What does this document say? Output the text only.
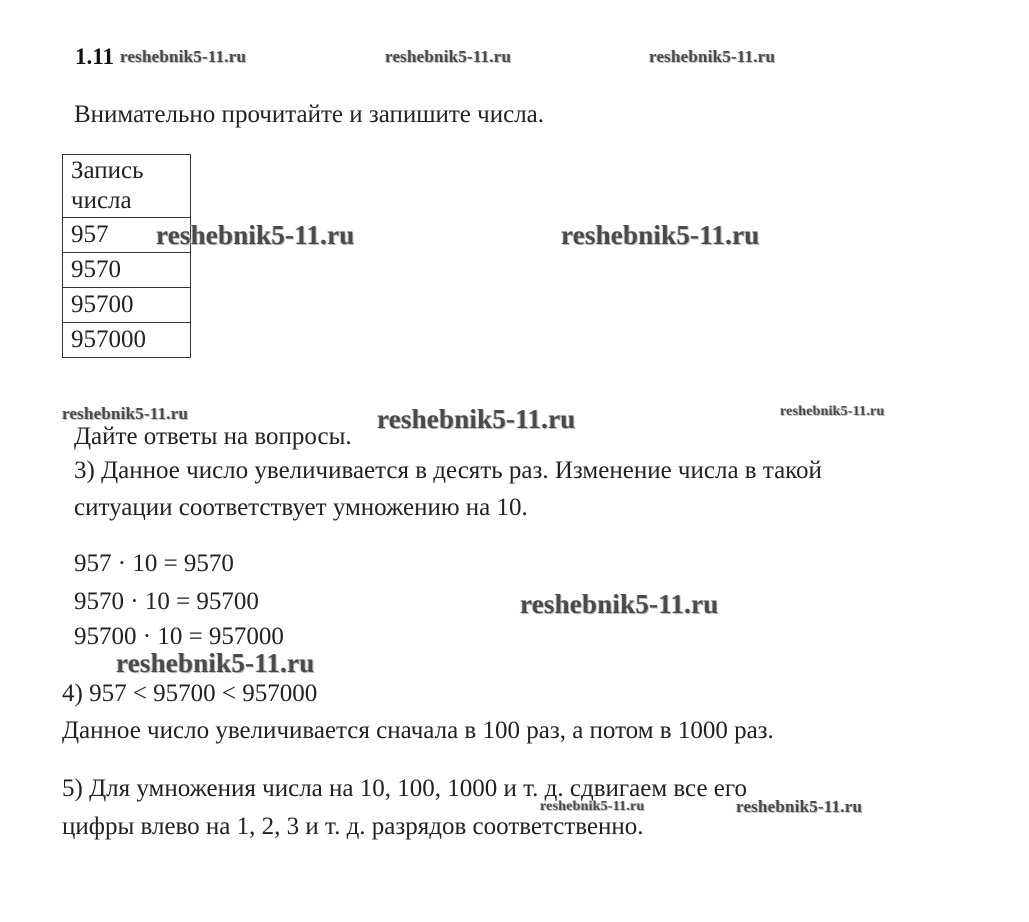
1.11
Внимательно прочитайте и запишите числа.
Запись
числа
957
9570
95700
957000
Дайте ответы на вопросы.
3) Данное число увеличивается в десять раз. Изменение числа в такой
ситуации соответствует умножению на 10.
957 · 10 = 9570
9570 · 10 = 95700
95700 · 10 = 957000
4) 957 < 95700 < 957000
Данное число увеличивается сначала в 100 раз, а потом в 1000 раз.
5) Для умножения числа на 10, 100, 1000 и т. д. сдвигаем все его
цифры влево на 1, 2, 3 и т. д. разрядов соответственно.
reshebnik5-11.ru	reshebnik5-11.ru	reshebnik5-11.ru
reshebnik5-11.ru	reshebnik5-11.ru
reshebnik5-11.ru	reshebnik5-11.ru	reshebnik5-11.ru
reshebnik5-11.ru
reshebnik5-11.ru
reshebnik5-11.ru	reshebnik5-11.ru
